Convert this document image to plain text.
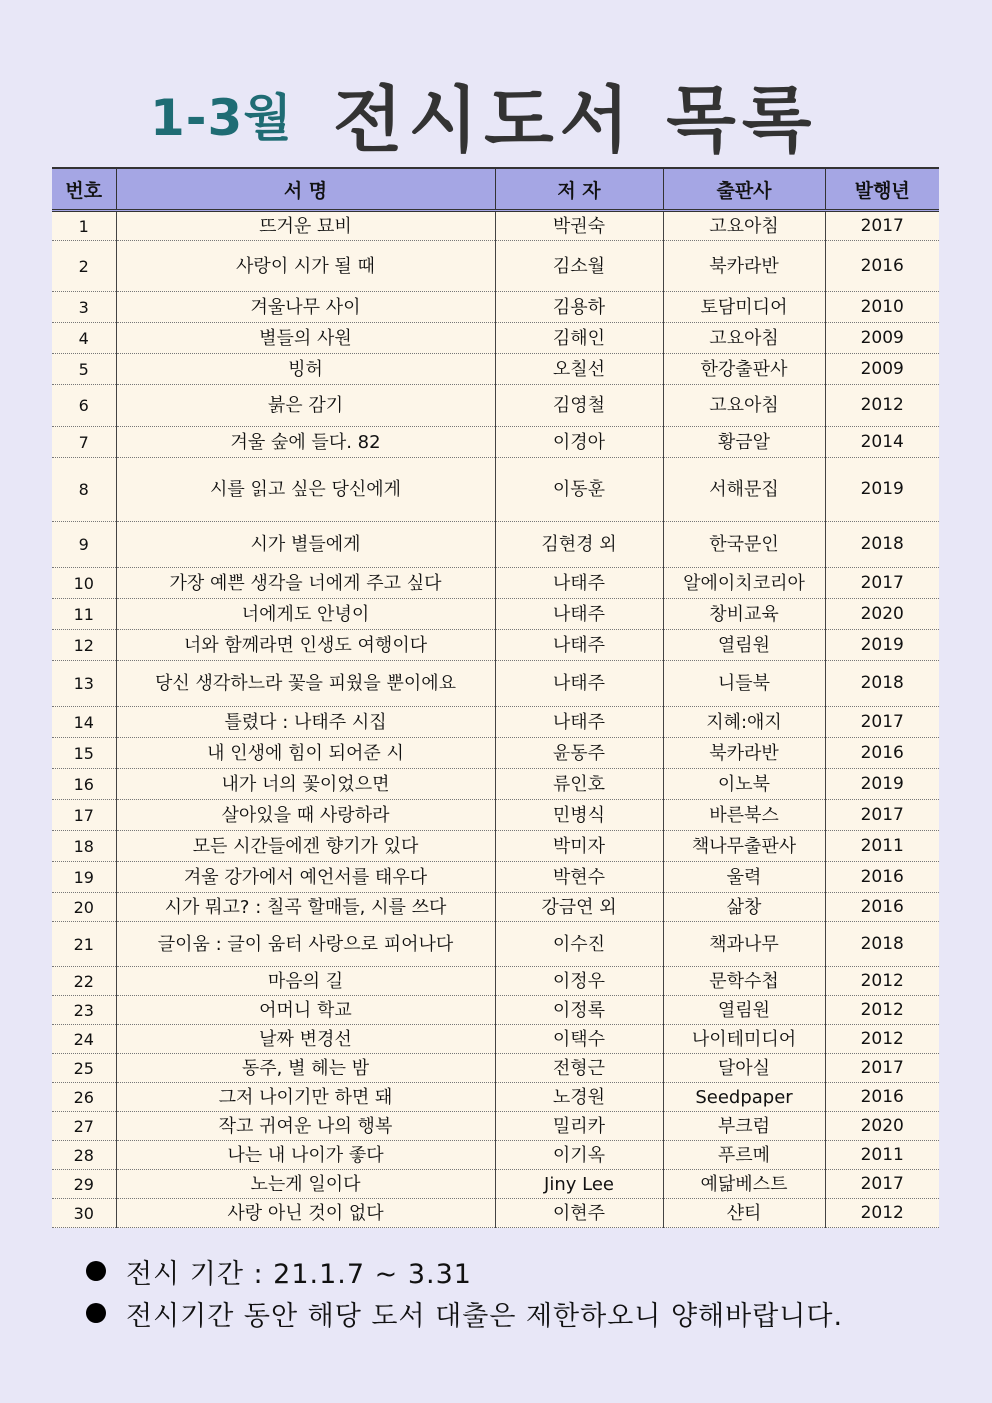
1-3월 전시도서 목록
번호	서 명	저 자	출판사	발행년
1	뜨거운 묘비	박권숙	고요아침	2017
2	사랑이 시가 될 때	김소월	북카라반	2016
3	겨울나무 사이	김용하	토담미디어	2010
4	별들의 사원	김해인	고요아침	2009
5	빙허	오칠선	한강출판사	2009
6	붉은 감기	김영철	고요아침	2012
7	겨울 숲에 들다. 82	이경아	황금알	2014
8	시를 읽고 싶은 당신에게	이동훈	서해문집	2019
9	시가 별들에게	김현경 외	한국문인	2018
10	가장 예쁜 생각을 너에게 주고 싶다	나태주	알에이치코리아	2017
11	너에게도 안녕이	나태주	창비교육	2020
12	너와 함께라면 인생도 여행이다	나태주	열림원	2019
13	당신 생각하느라 꽃을 피웠을 뿐이에요	나태주	니들북	2018
14	틀렸다 : 나태주 시집	나태주	지혜:애지	2017
15	내 인생에 힘이 되어준 시	윤동주	북카라반	2016
16	내가 너의 꽃이었으면	류인호	이노북	2019
17	살아있을 때 사랑하라	민병식	바른북스	2017
18	모든 시간들에겐 향기가 있다	박미자	책나무출판사	2011
19	겨울 강가에서 예언서를 태우다	박현수	울력	2016
20	시가 뭐고? : 칠곡 할매들, 시를 쓰다	강금연 외	삶창	2016
21	글이움 : 글이 움터 사랑으로 피어나다	이수진	책과나무	2018
22	마음의 길	이정우	문학수첩	2012
23	어머니 학교	이정록	열림원	2012
24	날짜 변경선	이택수	나이테미디어	2012
25	동주, 별 헤는 밤	전형근	달아실	2017
26	그저 나이기만 하면 돼	노경원	Seedpaper	2016
27	작고 귀여운 나의 행복	밀리카	부크럼	2020
28	나는 내 나이가 좋다	이기옥	푸르메	2011
29	노는게 일이다	Jiny Lee	예닮베스트	2017
30	사랑 아닌 것이 없다	이현주	샨티	2012
전시 기간 : 21.1.7 ~ 3.31
전시기간 동안 해당 도서 대출은 제한하오니 양해바랍니다.
